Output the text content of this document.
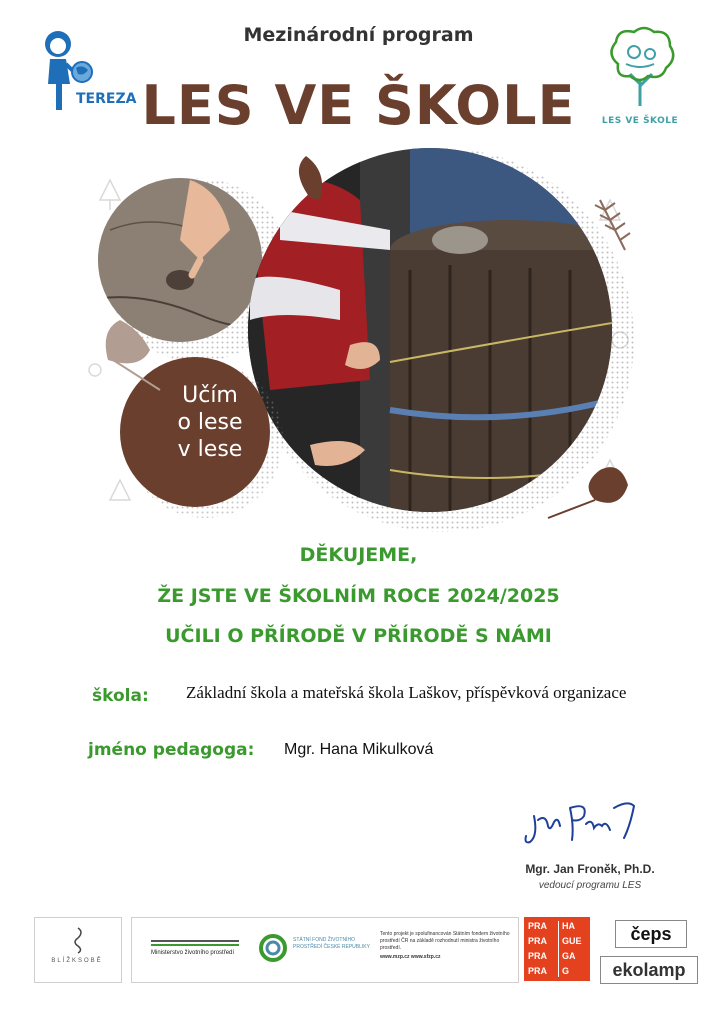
TEREZA
Mezinárodní program
LES VE ŠKOLE	LES VE ŠKOLE
Učím
o lese
v lese
DĚKUJEME,
ŽE JSTE VE ŠKOLNÍM ROCE 2024/2025
UČILI O PŘÍRODĚ V PŘÍRODĚ S NÁMI
škola: Základní škola a mateřská škola Laškov, příspěvková organizace
jméno pedagoga: Mgr. Hana Mikulková
Mgr. Jan Froněk, Ph.D.
vedoucí programu LES
BLÍŽKSOBĚ
Ministerstvo životního prostředí
STÁTNÍ FOND ŽIVOTNÍHO PROSTŘEDÍ ČESKÉ REPUBLIKY
Tento projekt je spolufinancován Státním fondem životního prostředí ČR na základě rozhodnutí ministra životního prostředí.
www.mzp.cz www.sfzp.cz
PRA HA
PRA GUE
PRA GA
PRA G
čeps
ekolamp
